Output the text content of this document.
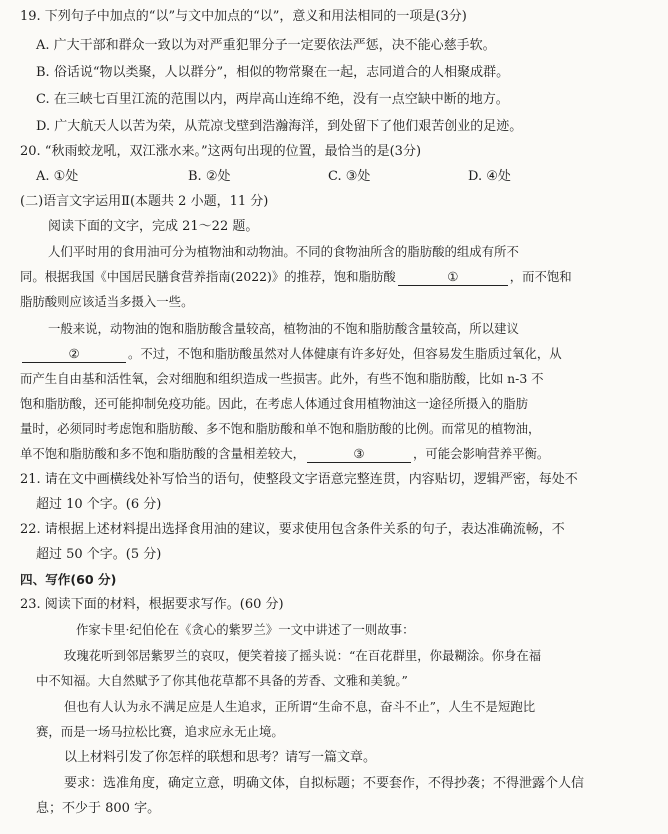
19. 下列句子中加点的“以”与文中加点的“以”，意义和用法相同的一项是(3分)
A. 广大干部和群众一致以为对严重犯罪分子一定要依法严惩，决不能心慈手软。
B. 俗话说“物以类聚，人以群分”，相似的物常聚在一起，志同道合的人相聚成群。
C. 在三峡七百里江流的范围以内，两岸高山连绵不绝，没有一点空缺中断的地方。
D. 广大航天人以苦为荣，从荒凉戈壁到浩瀚海洋，到处留下了他们艰苦创业的足迹。
20. “秋雨蛟龙吼，双江涨水来。”这两句出现的位置，最恰当的是(3分)
A. ①处	B. ②处	C. ③处	D. ④处
(二)语言文字运用Ⅱ(本题共 2 小题，11 分)
阅读下面的文字，完成 21～22 题。
人们平时用的食用油可分为植物油和动物油。不同的食物油所含的脂肪酸的组成有所不
同。根据我国《中国居民膳食营养指南(2022)》的推荐，饱和脂肪酸	①	，而不饱和
脂肪酸则应该适当多摄入一些。
一般来说，动物油的饱和脂肪酸含量较高，植物油的不饱和脂肪酸含量较高，所以建议
②	。不过，不饱和脂肪酸虽然对人体健康有许多好处，但容易发生脂质过氧化，从
而产生自由基和活性氧，会对细胞和组织造成一些损害。此外，有些不饱和脂肪酸，比如 n-3 不
饱和脂肪酸，还可能抑制免疫功能。因此，在考虑人体通过食用植物油这一途径所摄入的脂肪
量时，必须同时考虑饱和脂肪酸、多不饱和脂肪酸和单不饱和脂肪酸的比例。而常见的植物油，
单不饱和脂肪酸和多不饱和脂肪酸的含量相差较大，	③	，可能会影响营养平衡。
21. 请在文中画横线处补写恰当的语句，使整段文字语意完整连贯，内容贴切，逻辑严密，每处不
超过 10 个字。(6 分)
22. 请根据上述材料提出选择食用油的建议，要求使用包含条件关系的句子，表达准确流畅，不
超过 50 个字。(5 分)
四、写作(60 分)
23. 阅读下面的材料，根据要求写作。(60 分)
作家卡里·纪伯伦在《贪心的紫罗兰》一文中讲述了一则故事：
玫瑰花听到邻居紫罗兰的哀叹，便笑着接了摇头说：“在百花群里，你最糊涂。你身在福
中不知福。大自然赋予了你其他花草都不具备的芳香、文雅和美貌。”
但也有人认为永不满足应是人生追求，正所谓“生命不息，奋斗不止”，人生不是短跑比
赛，而是一场马拉松比赛，追求应永无止境。
以上材料引发了你怎样的联想和思考？请写一篇文章。
要求：选准角度，确定立意，明确文体，自拟标题；不要套作，不得抄袭；不得泄露个人信
息；不少于 800 字。
